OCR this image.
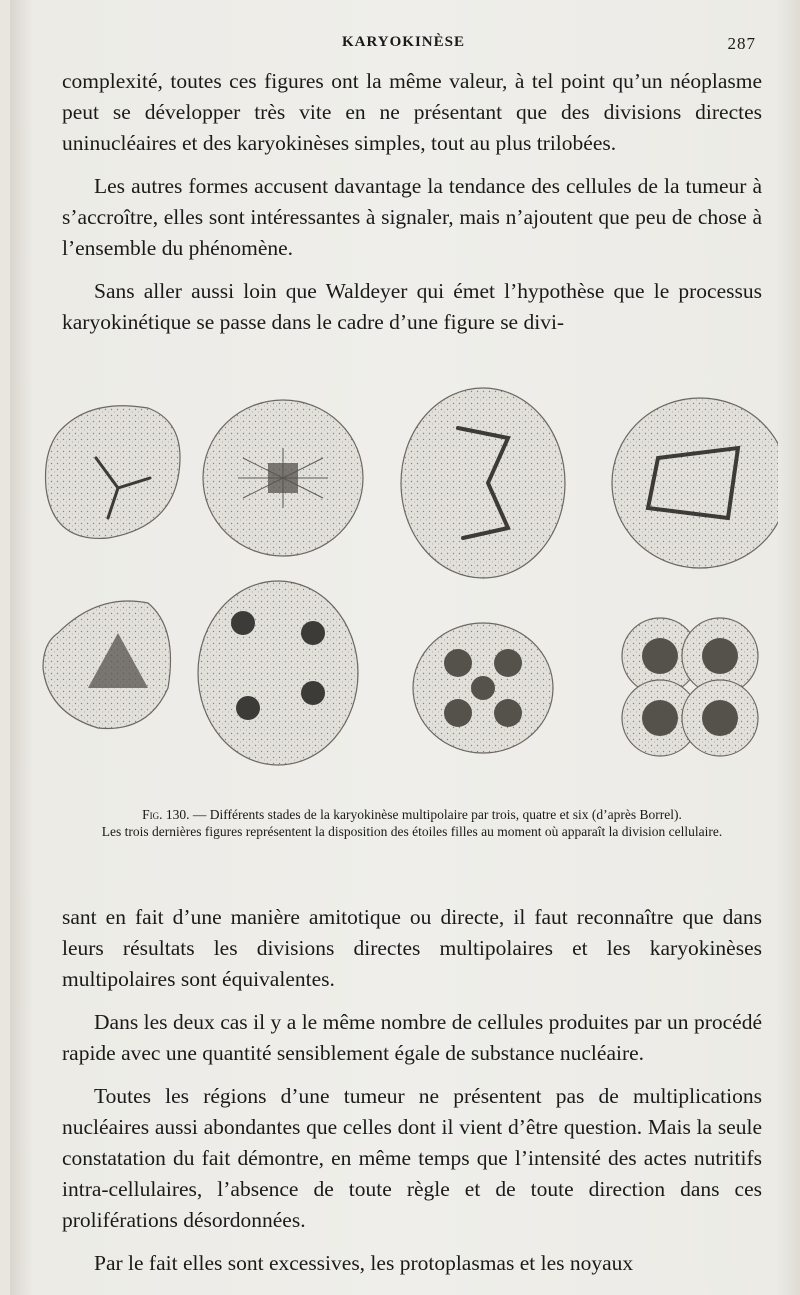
KARYOKINÈSE	287

complexité, toutes ces figures ont la même valeur, à tel point qu’un néoplasme peut se développer très vite en ne présentant que des divisions directes uninucléaires et des karyokinèses simples, tout au plus trilobées.

Les autres formes accusent davantage la tendance des cellules de la tumeur à s’accroître, elles sont intéressantes à signaler, mais n’ajoutent que peu de chose à l’ensemble du phénomène.

Sans aller aussi loin que Waldeyer qui émet l’hypothèse que le processus karyokinétique se passe dans le cadre d’une figure se divi-

Fig. 130. — Différents stades de la karyokinèse multipolaire par trois, quatre et six (d’après Borrel).
Les trois dernières figures représentent la disposition des étoiles filles au moment où apparaît la division cellulaire.

sant en fait d’une manière amitotique ou directe, il faut reconnaître que dans leurs résultats les divisions directes multipolaires et les karyokinèses multipolaires sont équivalentes.

Dans les deux cas il y a le même nombre de cellules produites par un procédé rapide avec une quantité sensiblement égale de substance nucléaire.

Toutes les régions d’une tumeur ne présentent pas de multiplications nucléaires aussi abondantes que celles dont il vient d’être question. Mais la seule constatation du fait démontre, en même temps que l’intensité des actes nutritifs intra-cellulaires, l’absence de toute règle et de toute direction dans ces proliférations désordonnées.

Par le fait elles sont excessives, les protoplasmas et les noyaux
